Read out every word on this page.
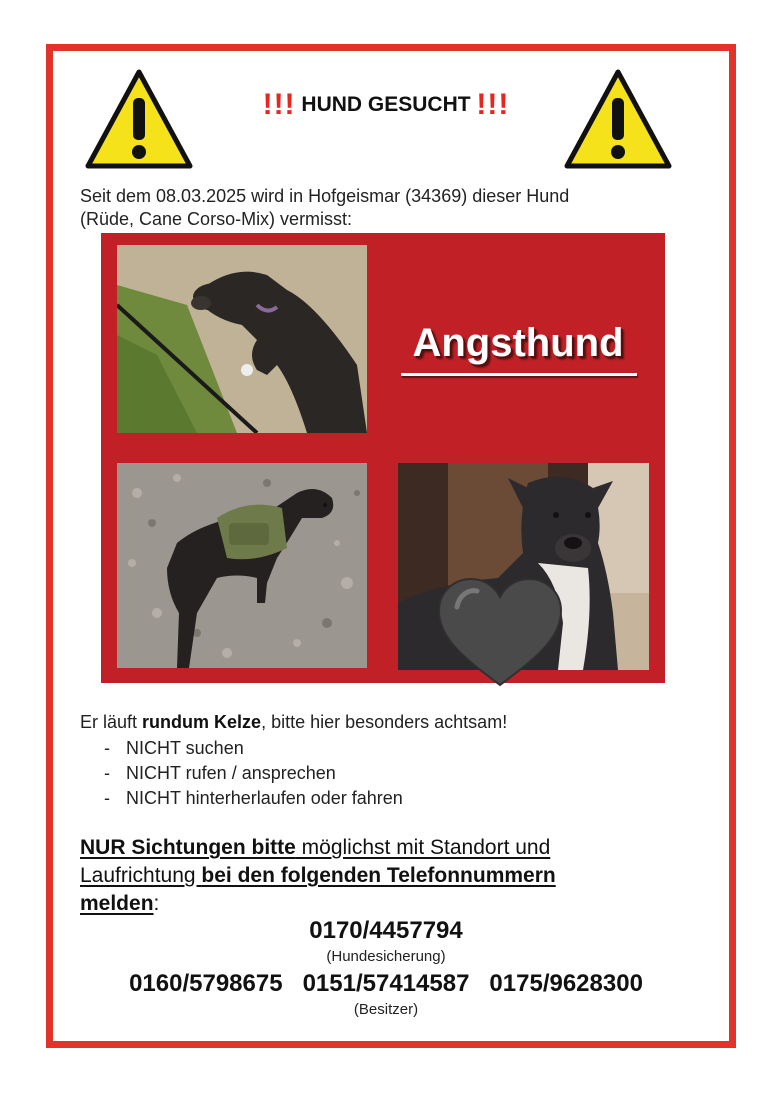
!!! HUND GESUCHT !!!
Seit dem 08.03.2025 wird in Hofgeismar (34369) dieser Hund
(Rüde, Cane Corso-Mix) vermisst:
Angsthund
Er läuft rundum Kelze, bitte hier besonders achtsam!
- NICHT suchen
- NICHT rufen / ansprechen
- NICHT hinterherlaufen oder fahren
NUR Sichtungen bitte möglichst mit Standort und
Laufrichtung bei den folgenden Telefonnummern
melden:
0170/4457794
(Hundesicherung)
0160/5798675 0151/57414587 0175/9628300
(Besitzer)
